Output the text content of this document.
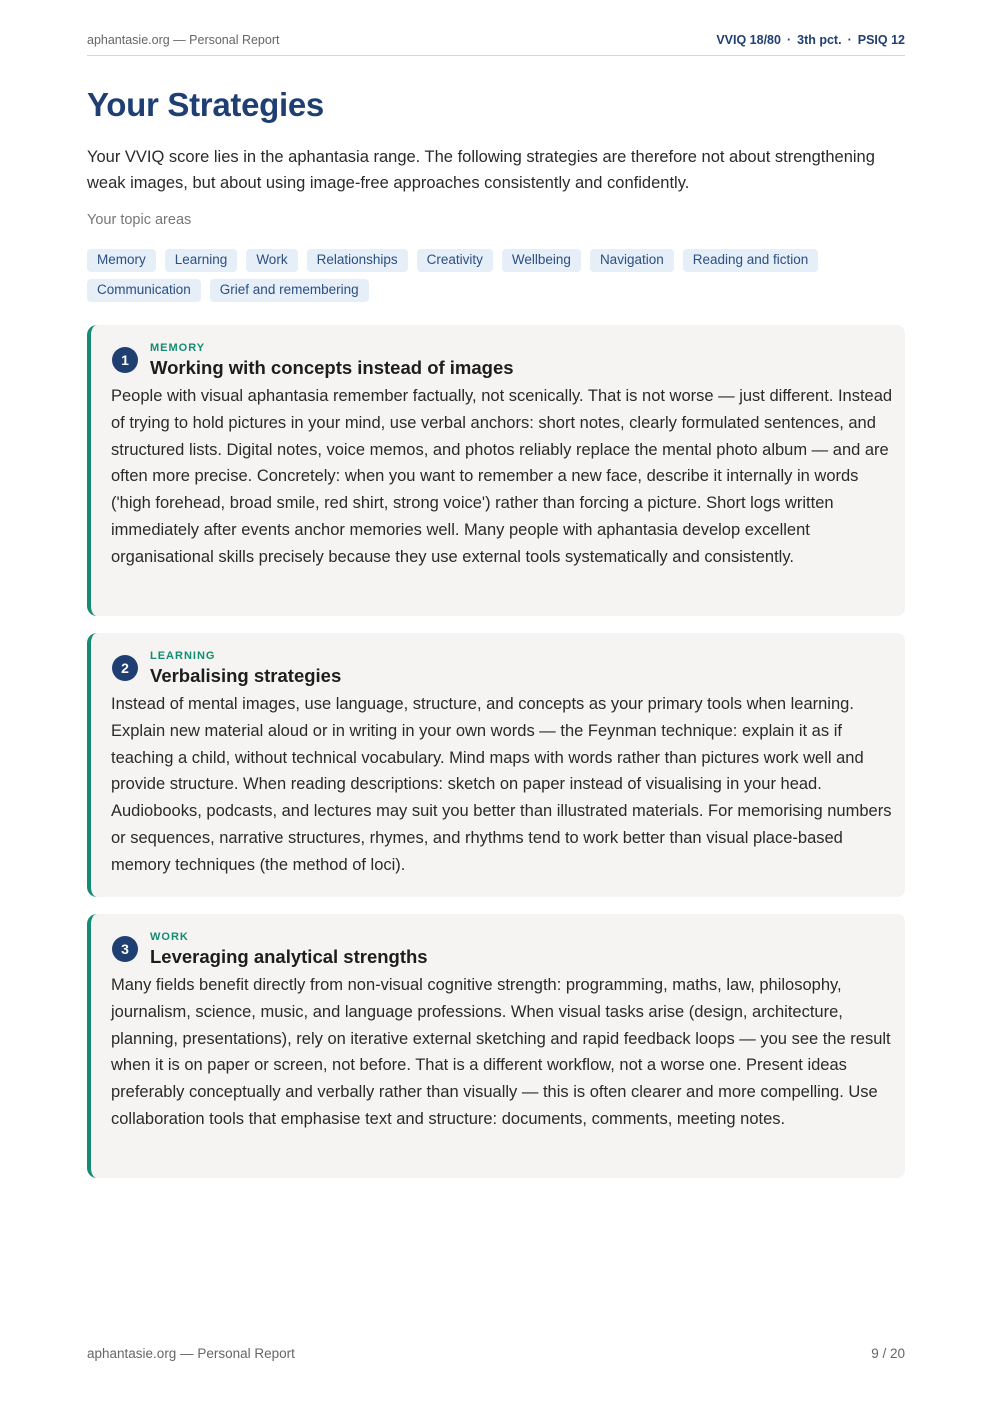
aphantasie.org — Personal Report	VVIQ 18/80 · 3th pct. · PSIQ 12
Your Strategies

Your VVIQ score lies in the aphantasia range. The following strategies are therefore not about strengthening weak images, but about using image-free approaches consistently and confidently.

Your topic areas
Memory	Learning	Work	Relationships	Creativity	Wellbeing	Navigation	Reading and fiction
Communication	Grief and remembering
1
MEMORY
Working with concepts instead of images
People with visual aphantasia remember factually, not scenically. That is not worse — just different. Instead of trying to hold pictures in your mind, use verbal anchors: short notes, clearly formulated sentences, and structured lists. Digital notes, voice memos, and photos reliably replace the mental photo album — and are often more precise. Concretely: when you want to remember a new face, describe it internally in words ('high forehead, broad smile, red shirt, strong voice') rather than forcing a picture. Short logs written immediately after events anchor memories well. Many people with aphantasia develop excellent organisational skills precisely because they use external tools systematically and consistently.
2
LEARNING
Verbalising strategies
Instead of mental images, use language, structure, and concepts as your primary tools when learning. Explain new material aloud or in writing in your own words — the Feynman technique: explain it as if teaching a child, without technical vocabulary. Mind maps with words rather than pictures work well and provide structure. When reading descriptions: sketch on paper instead of visualising in your head. Audiobooks, podcasts, and lectures may suit you better than illustrated materials. For memorising numbers or sequences, narrative structures, rhymes, and rhythms tend to work better than visual place-based memory techniques (the method of loci).
3
WORK
Leveraging analytical strengths
Many fields benefit directly from non-visual cognitive strength: programming, maths, law, philosophy, journalism, science, music, and language professions. When visual tasks arise (design, architecture, planning, presentations), rely on iterative external sketching and rapid feedback loops — you see the result when it is on paper or screen, not before. That is a different workflow, not a worse one. Present ideas preferably conceptually and verbally rather than visually — this is often clearer and more compelling. Use collaboration tools that emphasise text and structure: documents, comments, meeting notes.
aphantasie.org — Personal Report	9 / 20
